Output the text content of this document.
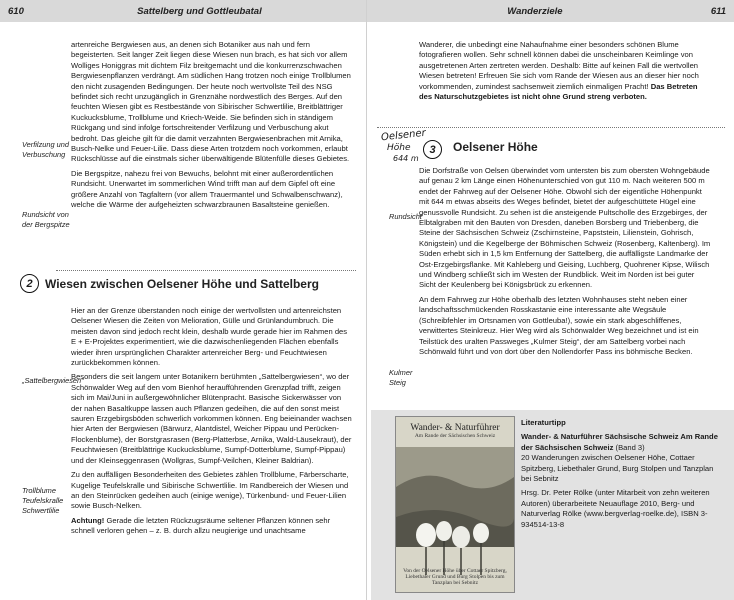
610	Sattelberg und Gottleubatal

artenreiche Bergwiesen aus, an denen sich Botaniker aus nah und fern begeisterten. Seit langer Zeit liegen diese Wiesen nun brach, es hat sich vor allem Wolliges Honiggras mit dichtem Filz breitgemacht und die konkurrenzschwachen Bergwiesenpflanzen verdrängt. Am südlichen Hang trotzen noch einige Trollblumen den nicht zusagenden Bedingungen. Der heute noch wertvollste Teil des NSG befindet sich recht unzugänglich in Grenznähe nordwestlich des Berges. Auf den feuchten Wiesen gibt es Restbestände von Sibirischer Schwertlilie, Breitblättriger Kuckucksblume, Trollblume und Kriech-Weide. Sie befinden sich in ständigem Rückgang und sind infolge fortschreitender Verfilzung und Verbuschung akut bedroht. Das gleiche gilt für die damit verzahnten Bergwiesenbrachen mit Arnika, Busch-Nelke und Feuer-Lilie. Dass diese Arten trotzdem noch vorkommen, erlaubt Rückschlüsse auf die einstmals sicher überwältigende Blütenfülle dieses Gebietes.

Die Bergspitze, nahezu frei von Bewuchs, belohnt mit einer außerordentlichen Rundsicht. Unerwartet im sommerlichen Wind trifft man auf dem Gipfel oft eine größere Anzahl von Tagfaltern (vor allem Trauermantel und Schwalbenschwanz), welche die Wärme der aufgeheizten schwarzbraunen Basaltsteine genießen.

Verfilzung und Verbuschung
Rundsicht von der Bergspitze
2	Wiesen zwischen Oelsener Höhe und Sattelberg

Hier an der Grenze überstanden noch einige der wertvollsten und artenreichsten Oelsener Wiesen die Zeiten von Melioration, Gülle und Grünlandumbruch. Die meisten davon sind jedoch recht klein, deshalb wurde gerade hier im Rahmen des E + E-Projektes experimentiert, wie die dazwischenliegenden Flächen ebenfalls wieder ihren ursprünglichen Charakter artenreicher Berg- und Feuchtwiesen zurückbekommen können.

Besonders die seit langem unter Botanikern berühmten „Sattelbergwiesen“, wo der Schönwalder Weg auf den vom Bienhof heraufführenden Grenzpfad trifft, zeigen sich im Mai/Juni in außergewöhnlicher Blütenpracht. Basische Sickerwässer von der nahen Basaltkuppe lassen auch Pflanzen gedeihen, die auf den sonst meist sauren Erzgebirgsböden schwerlich vorkommen können. Eng beieinander wachsen hier Arten der Bergwiesen (Bärwurz, Alantdistel, Weicher Pippau und Perücken-Flockenblume), der Borstgrasrasen (Berg-Platterbse, Arnika, Wald-Läusekraut), der Feuchtwiesen (Breitblättrige Kuckucksblume, Sumpf-Dotterblume, Sumpf-Pippau) und der Kleinseggenrasen (Wollgras, Sumpf-Veilchen, Kleiner Baldrian).

Zu den auffälligen Besonderheiten des Gebietes zählen Trollblume, Färberscharte, Kugelige Teufelskralle und Sibirische Schwertlilie. Im Randbereich der Wiesen und an den Steinrücken gedeihen auch (einige wenige), Türkenbund- und Feuer-Lilien sowie Busch-Nelken.

Achtung! Gerade die letzten Rückzugsräume seltener Pflanzen können sehr schnell verloren gehen – z. B. durch allzu neugierige und unachtsame

„Sattelbergwiesen“
Trollblume Teufelskralle Schwertlilie
Wanderziele	611

Wanderer, die unbedingt eine Nahaufnahme einer besonders schönen Blume fotografieren wollen. Sehr schnell können dabei die unscheinbaren Keimlinge von ausgetretenen Arten zertreten werden. Deshalb: Bitte auf keinen Fall die wertvollen Wiesen betreten! Erfreuen Sie sich vom Rande der Wiesen aus an dieser hier noch vorkommenden, zumindest sachsenweit ziemlich einmaligen Pracht! Das Betreten des Naturschutzgebietes ist nicht ohne Grund streng verboten.

Oelsener
Höhe
644 m
3	Oelsener Höhe

Die Dorfstraße von Oelsen überwindet vom untersten bis zum obersten Wohngebäude auf genau 2 km Länge einen Höhenunterschied von gut 110 m. Nach weiteren 500 m endet der Fahrweg auf der Oelsener Höhe. Obwohl sich der eigentliche Höhenpunkt mit 644 m etwas abseits des Weges befindet, bietet der aufgeschüttete Hügel eine genussvolle Rundsicht. Zu sehen ist die ansteigende Pultscholle des Erzgebirges, der Elbtalgraben mit den Bauten von Dresden, daneben Borsberg und Triebenberg, die Steine der Sächsischen Schweiz (Zschirnsteine, Papststein, Lilienstein, Gohrisch, Königstein) und die Kegelberge der Böhmischen Schweiz (Rosenberg, Kaltenberg). Im Süden erhebt sich in 1,5 km Entfernung der Sattelberg, die auffälligste Landmarke der Ost-Erzgebirgsflanke. Mit Kahleberg und Geising, Luchberg, Quohrener Kipse, Wilisch und Windberg schließt sich im Westen der Rundblick. Weit im Norden ist bei guter Sicht der Keulenberg bei Königsbrück zu erkennen.

An dem Fahrweg zur Höhe oberhalb des letzten Wohnhauses steht neben einer landschaftsschmückenden Rosskastanie eine interessante alte Wegsäule (Schreibfehler im Ortsnamen von Gottleuba!), sowie ein stark abgeschliffenes, verwittertes Steinkreuz. Hier Weg wird als Schönwalder Weg bezeichnet und ist ein Teilstück des uralten Passweges „Kulmer Steig“, der am Sattelberg vorbei nach Schönwald führt und von dort über den Nollendorfer Pass ins böhmische Becken.

Rundsicht
Kulmer Steig
Wander- & Naturführer
Am Rande der Sächsischen Schweiz
Von der Oelsener Höhe über Cottaer Spitzberg, Liebethaler Grund und Burg Stolpen bis zum Tanzplan bei Sebnitz

Literaturtipp

Wander- & Naturführer Sächsische Schweiz Am Rande der Sächsischen Schweiz (Band 3)
20 Wanderungen zwischen Oelsener Höhe, Cottaer Spitzberg, Liebethaler Grund, Burg Stolpen und Tanzplan bei Sebnitz

Hrsg. Dr. Peter Rölke (unter Mitarbeit von zehn weiteren Autoren) überarbeitete Neuauflage 2010, Berg- und Naturverlag Rölke (www.bergverlag-roelke.de), ISBN 3-934514-13-8
